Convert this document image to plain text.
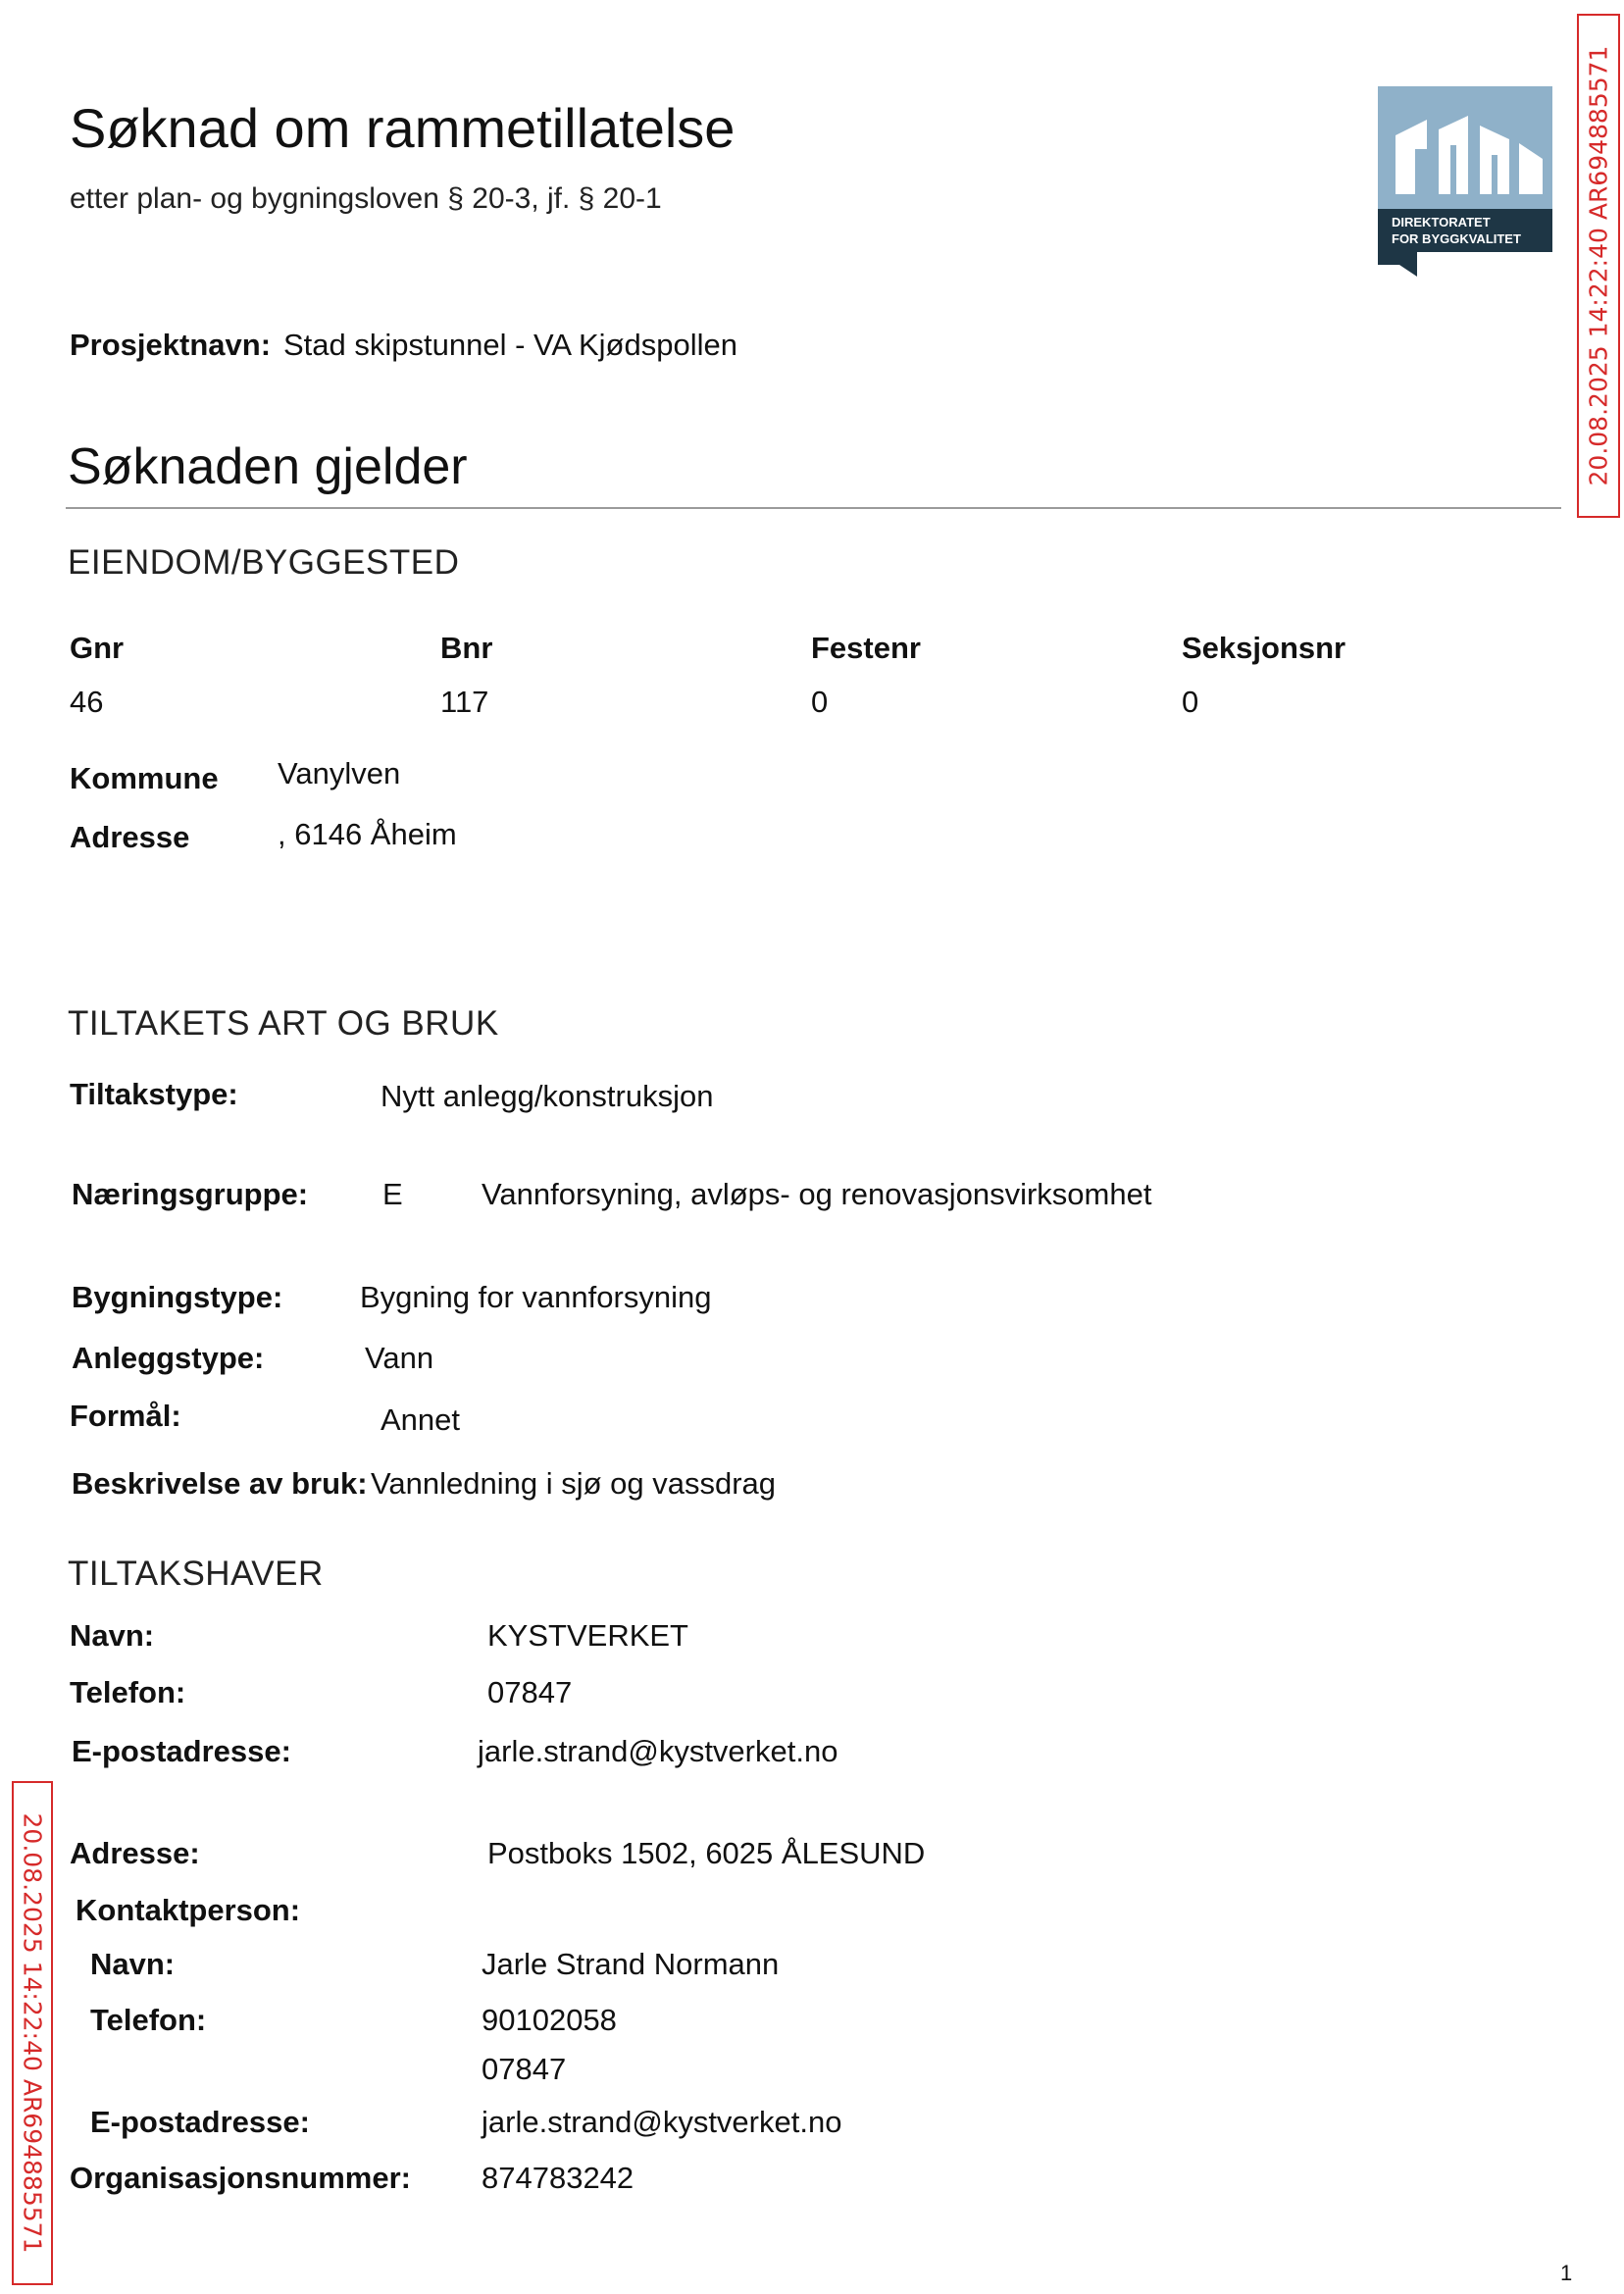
Søknad om rammetillatelse
etter plan- og bygningsloven § 20-3, jf. § 20-1
DIREKTORATET
FOR BYGGKVALITET	20.08.2025 14:22:40 AR694885571
20.08.2025 14:22:40 AR694885571
Prosjektnavn: Stad skipstunnel - VA Kjødspollen
Søknaden gjelder
EIENDOM/BYGGESTED
Gnr	Bnr	Festenr	Seksjonsnr
46	117	0	0
Kommune Vanylven
Adresse	, 6146 Åheim
TILTAKETS ART OG BRUK
Tiltakstype:	Nytt anlegg/konstruksjon
Næringsgruppe: E	Vannforsyning, avløps- og renovasjonsvirksomhet
Bygningstype:	Bygning for vannforsyning
Anleggstype:	Vann
Formål:	Annet
Beskrivelse av bruk: Vannledning i sjø og vassdrag
TILTAKSHAVER
Navn:	KYSTVERKET
Telefon:	07847
E-postadresse:	jarle.strand@kystverket.no
Adresse:	Postboks 1502, 6025 ÅLESUND
Kontaktperson:
Navn:	Jarle Strand Normann
Telefon:	90102058
07847
E-postadresse:	jarle.strand@kystverket.no
Organisasjonsnummer: 874783242
1
